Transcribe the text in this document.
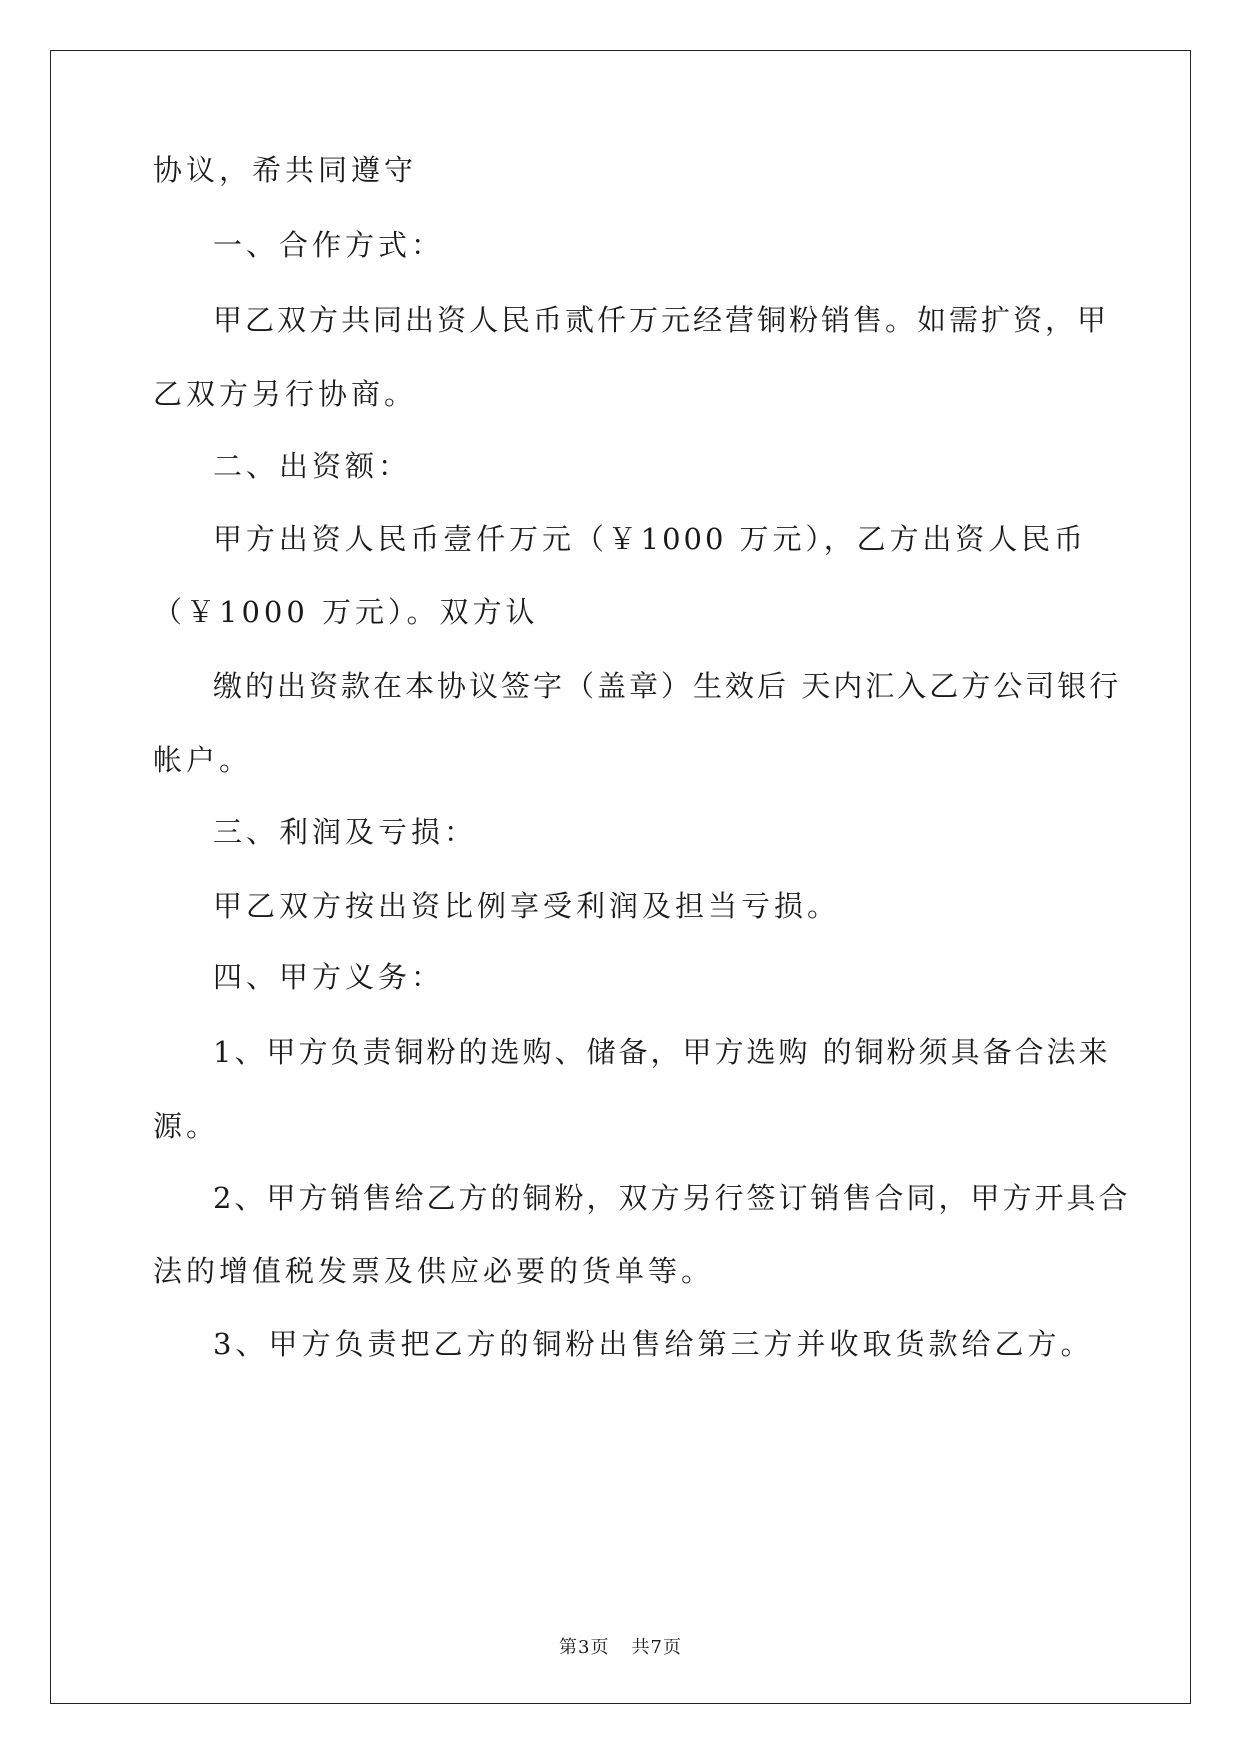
协议，希共同遵守
一、合作方式：
甲乙双方共同出资人民币贰仟万元经营铜粉销售。如需扩资，甲
乙双方另行协商。
二、出资额：
甲方出资人民币壹仟万元（￥1000 万元），乙方出资人民币
（￥1000 万元）。双方认
缴的出资款在本协议签字（盖章）生效后 天内汇入乙方公司银行
帐户。
三、利润及亏损：
甲乙双方按出资比例享受利润及担当亏损。
四、甲方义务：
1、甲方负责铜粉的选购、储备，甲方选购 的铜粉须具备合法来
源。
2、甲方销售给乙方的铜粉，双方另行签订销售合同，甲方开具合
法的增值税发票及供应必要的货单等。
3、甲方负责把乙方的铜粉出售给第三方并收取货款给乙方。
第3页 共7页
